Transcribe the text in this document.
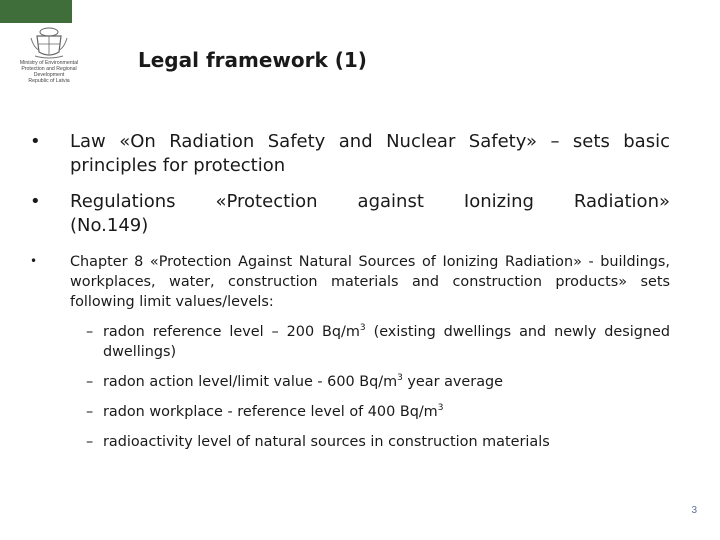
Ministry of Environmental
Protection and Regional
Development
Republic of Latvia
Legal framework (1)
• Law «On Radiation Safety and Nuclear Safety» – sets basic principles for protection
• Regulations «Protection against Ionizing Radiation»
(No.149)
• Chapter 8 «Protection Against Natural Sources of Ionizing Radiation» - buildings, workplaces, water, construction materials and construction products» sets following limit values/levels:
– radon reference level – 200 $Bq/m^3$ (existing dwellings and newly designed dwellings)
– radon action level/limit value - 600 $Bq/m^3$ year average
– radon workplace - reference level of 400 $Bq/m^3$
– radioactivity level of natural sources in construction materials
3
